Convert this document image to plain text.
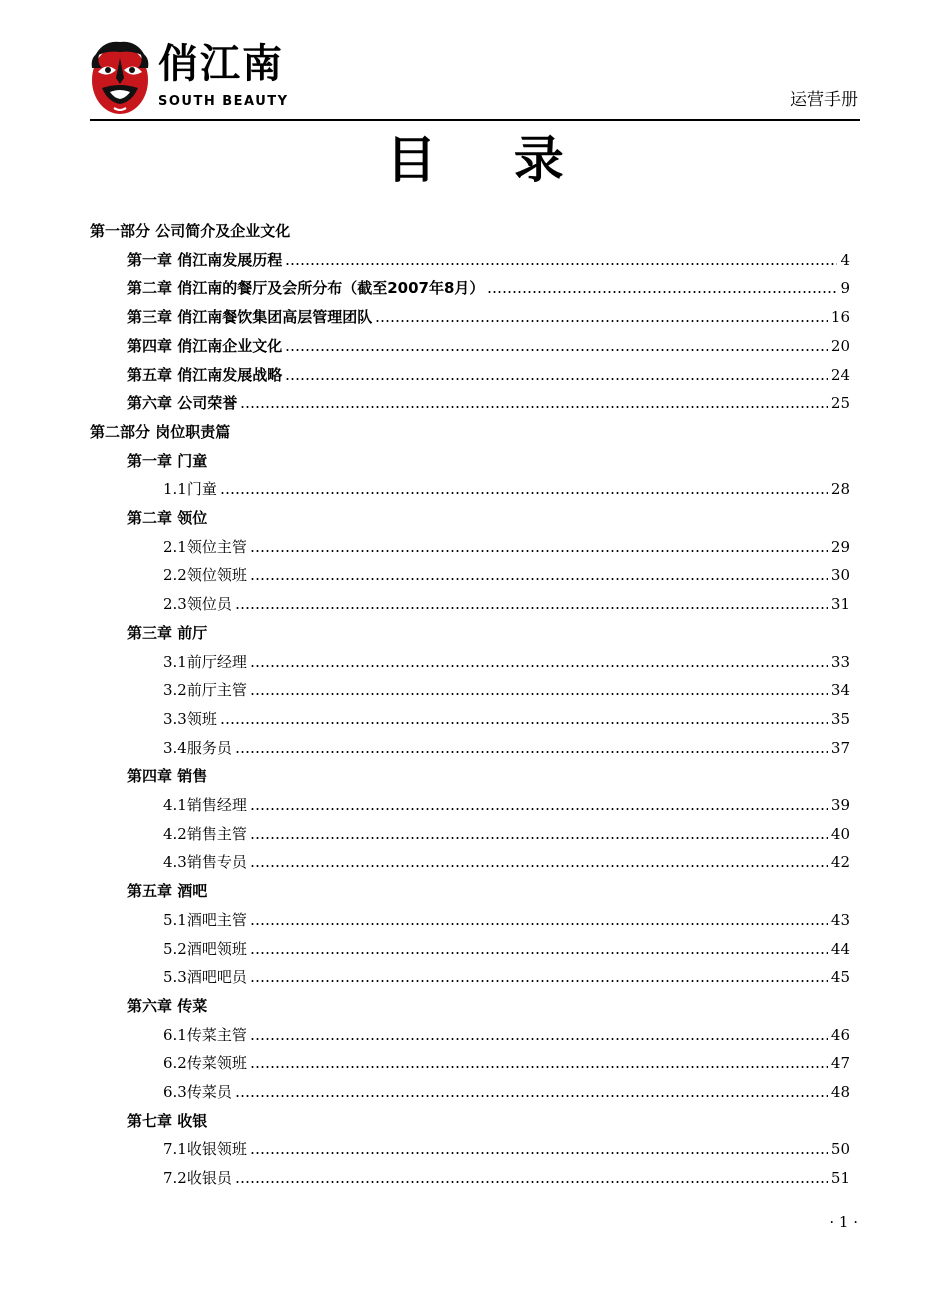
俏江南
SOUTH BEAUTY	运营手册
目 录
第一部分 公司简介及企业文化
第一章 俏江南发展历程	4
第二章 俏江南的餐厅及会所分布（截至2007年8月）	9
第三章 俏江南餐饮集团高层管理团队	16
第四章 俏江南企业文化	20
第五章 俏江南发展战略	24
第六章 公司荣誉	25
第二部分 岗位职责篇
第一章 门童
1.1门童	28
第二章 领位
2.1领位主管	29
2.2领位领班	30
2.3领位员	31
第三章 前厅
3.1前厅经理	33
3.2前厅主管	34
3.3领班	35
3.4服务员	37
第四章 销售
4.1销售经理	39
4.2销售主管	40
4.3销售专员	42
第五章 酒吧
5.1酒吧主管	43
5.2酒吧领班	44
5.3酒吧吧员	45
第六章 传菜
6.1传菜主管	46
6.2传菜领班	47
6.3传菜员	48
第七章 收银
7.1收银领班	50
7.2收银员	51
· 1 ·
